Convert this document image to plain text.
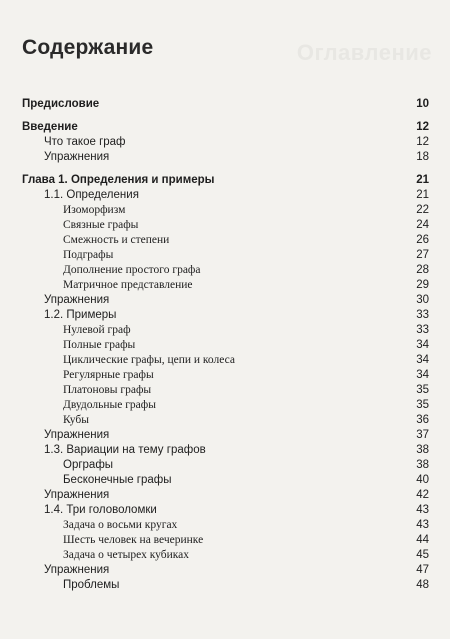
Оглавление
Содержание
Предисловие	10
Введение	12
Что такое граф	12
Упражнения	18
Глава 1. Определения и примеры	21
1.1. Определения	21
Изоморфизм	22
Связные графы	24
Смежность и степени	26
Подграфы	27
Дополнение простого графа	28
Матричное представление	29
Упражнения	30
1.2. Примеры	33
Нулевой граф	33
Полные графы	34
Циклические графы, цепи и колеса	34
Регулярные графы	34
Платоновы графы	35
Двудольные графы	35
Кубы	36
Упражнения	37
1.3. Вариации на тему графов	38
Орграфы	38
Бесконечные графы	40
Упражнения	42
1.4. Три головоломки	43
Задача о восьми кругах	43
Шесть человек на вечеринке	44
Задача о четырех кубиках	45
Упражнения	47
Проблемы	48
